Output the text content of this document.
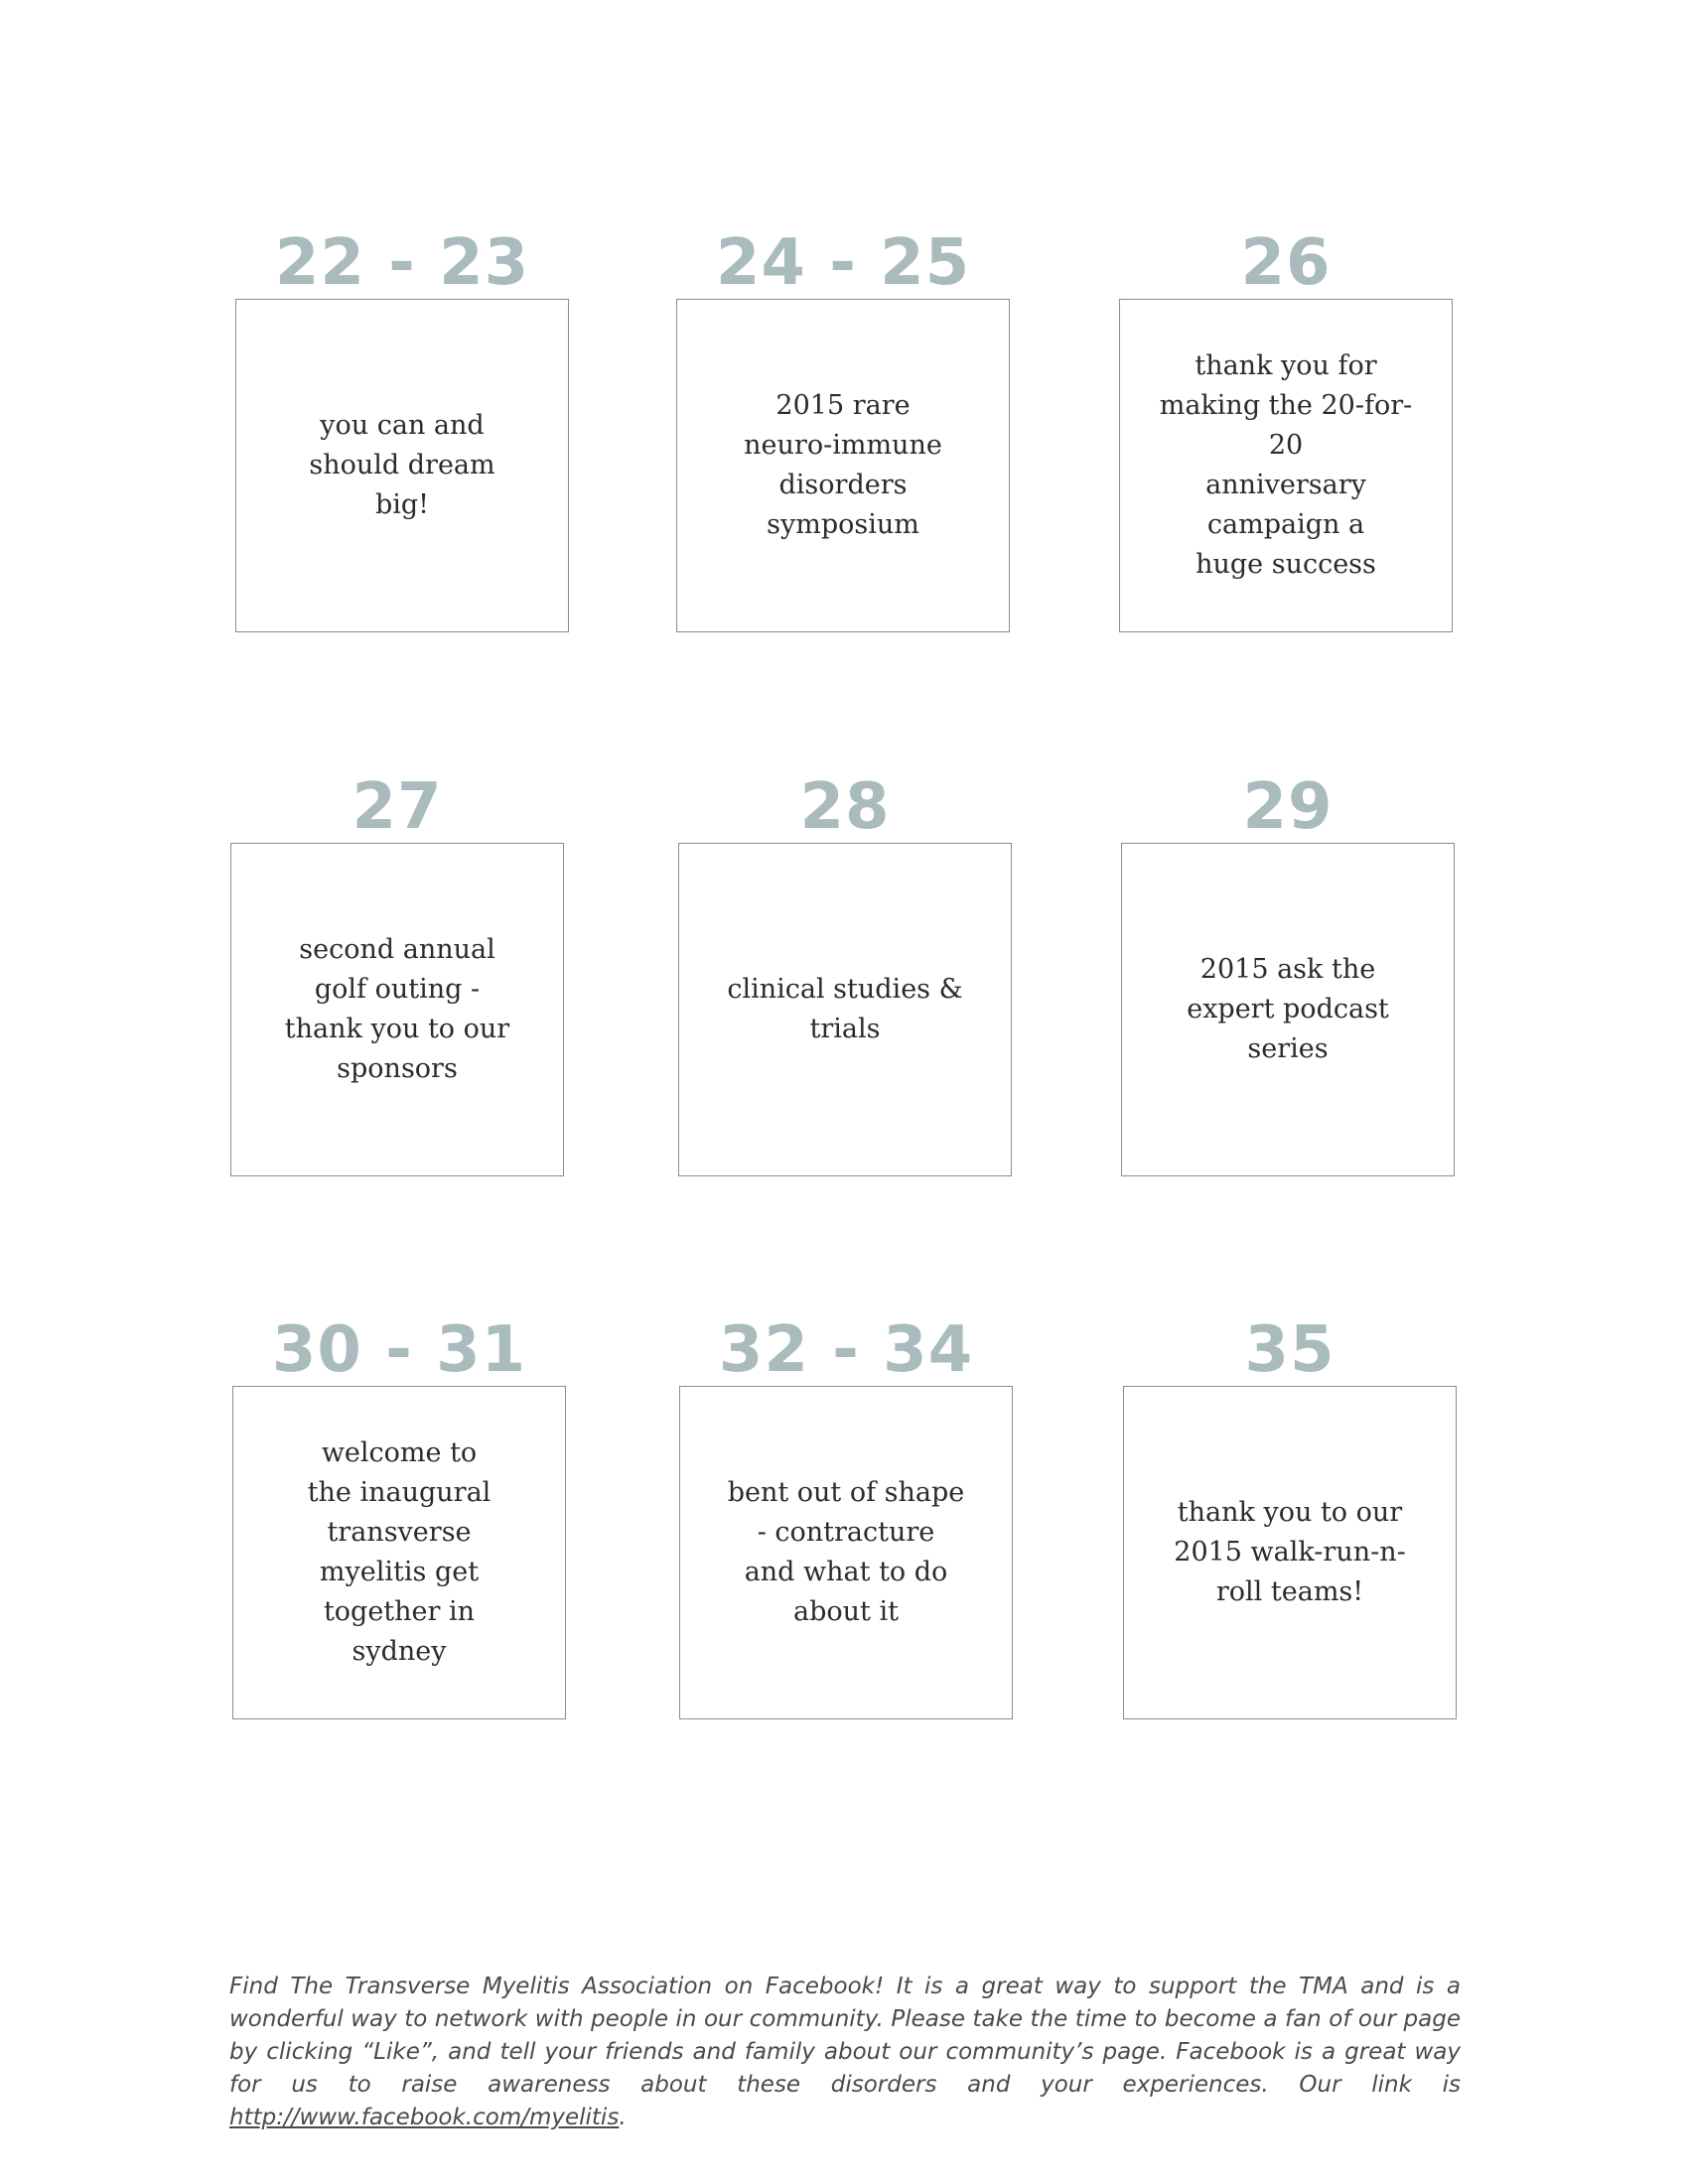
22 - 23
you can and
should dream
big!
24 - 25
2015 rare
neuro-immune
disorders
symposium
26
thank you for
making the 20-for-20
anniversary campaign a
huge success
27
second annual
golf outing -
thank you to our
sponsors
28
clinical studies &
trials
29
2015 ask the
expert podcast
series
30 - 31
welcome to
the inaugural
transverse
myelitis get
together in
sydney
32 - 34
bent out of shape
- contracture
and what to do
about it
35
thank you to our
2015 walk-run-n-
roll teams!

Find The Transverse Myelitis Association on Facebook! It is a great way to support the TMA and is a wonderful way to network with people in our community. Please take the time to become a fan of our page by clicking “Like”, and tell your friends and family about our community’s page. Facebook is a great way for us to raise awareness about these disorders and your experiences. Our link is http://www.facebook.com/myelitis.
